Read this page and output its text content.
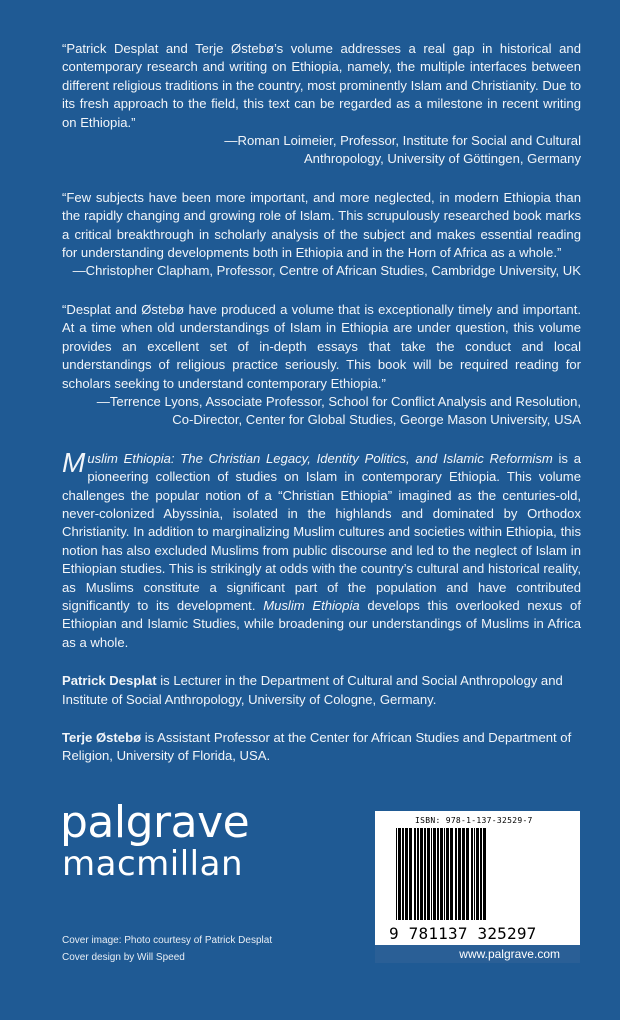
“Patrick Desplat and Terje Østebø’s volume addresses a real gap in historical and contemporary research and writing on Ethiopia, namely, the multiple interfaces between different religious traditions in the country, most prominently Islam and Christianity. Due to its fresh approach to the field, this text can be regarded as a milestone in recent writing on Ethiopia.”

—Roman Loimeier, Professor, Institute for Social and Cultural

Anthropology, University of Göttingen, Germany

“Few subjects have been more important, and more neglected, in modern Ethiopia than the rapidly changing and growing role of Islam. This scrupulously researched book marks a critical breakthrough in scholarly analysis of the subject and makes essential reading for understanding developments both in Ethiopia and in the Horn of Africa as a whole.”

—Christopher Clapham, Professor, Centre of African Studies, Cambridge University, UK

“Desplat and Østebø have produced a volume that is exceptionally timely and important. At a time when old understandings of Islam in Ethiopia are under question, this volume provides an excellent set of in-depth essays that take the conduct and local understandings of religious practice seriously. This book will be required reading for scholars seeking to understand contemporary Ethiopia.”

—Terrence Lyons, Associate Professor, School for Conflict Analysis and Resolution,

Co-Director, Center for Global Studies, George Mason University, USA

Muslim Ethiopia: The Christian Legacy, Identity Politics, and Islamic Reformism is a pioneering collection of studies on Islam in contemporary Ethiopia. This volume challenges the popular notion of a “Christian Ethiopia” imagined as the centuries-old, never-colonized Abyssinia, isolated in the highlands and dominated by Orthodox Christianity. In addition to marginalizing Muslim cultures and societies within Ethiopia, this notion has also excluded Muslims from public discourse and led to the neglect of Islam in Ethiopian studies. This is strikingly at odds with the country’s cultural and historical reality, as Muslims constitute a significant part of the population and have contributed significantly to its development. Muslim Ethiopia develops this overlooked nexus of Ethiopian and Islamic Studies, while broadening our understandings of Muslims in Africa as a whole.

Patrick Desplat is Lecturer in the Department of Cultural and Social Anthropology and Institute of Social Anthropology, University of Cologne, Germany.

Terje Østebø is Assistant Professor at the Center for African Studies and Department of Religion, University of Florida, USA.

palgrave
macmillan
Cover image: Photo courtesy of Patrick Desplat
Cover design by Will Speed
ISBN: 978-1-137-32529-7
9 781137 325297
www.palgrave.com
